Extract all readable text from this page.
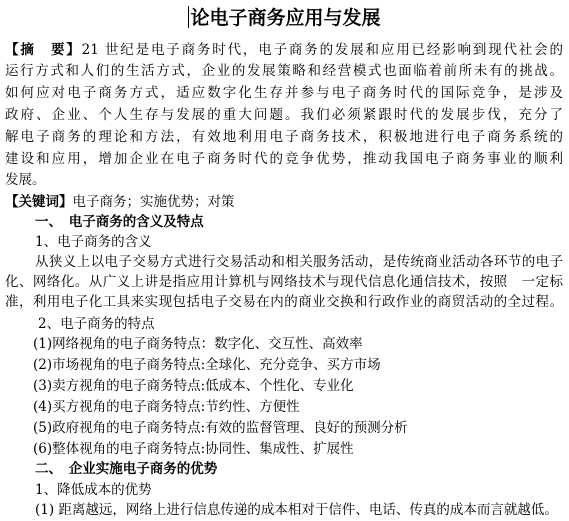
论电子商务应用与发展
【摘　要】21 世纪是电子商务时代，电子商务的发展和应用已经影响到现代社会的
运行方式和人们的生活方式，企业的发展策略和经营模式也面临着前所未有的挑战。
如何应对电子商务方式，适应数字化生存并参与电子商务时代的国际竞争，是涉及
政府、企业、个人生存与发展的重大问题。我们必须紧跟时代的发展步伐，充分了
解电子商务的理论和方法，有效地利用电子商务技术，积极地进行电子商务系统的
建设和应用，增加企业在电子商务时代的竞争优势，推动我国电子商务事业的顺利
发展。
【关键词】电子商务；实施优势；对策
一、　电子商务的含义及特点
1、电子商务的含义
从狭义上以电子交易方式进行交易活动和相关服务活动，是传统商业活动各环节的电子
化、网络化。从广义上讲是指应用计算机与网络技术与现代信息化通信技术，按照　一定标
准，利用电子化工具来实现包括电子交易在内的商业交换和行政作业的商贸活动的全过程。
2、电子商务的特点
(1)网络视角的电子商务特点：数字化、交互性、高效率
(2)市场视角的电子商务特点:全球化、充分竞争、买方市场
(3)卖方视角的电子商务特点:低成本、个性化、专业化
(4)买方视角的电子商务特点:节约性、方便性
(5)政府视角的电子商务特点:有效的监督管理、良好的预测分析
(6)整体视角的电子商务特点:协同性、集成性、扩展性
二、　企业实施电子商务的优势
1、降低成本的优势
(1) 距离越远，网络上进行信息传递的成本相对于信件、电话、传真的成本而言就越低。
